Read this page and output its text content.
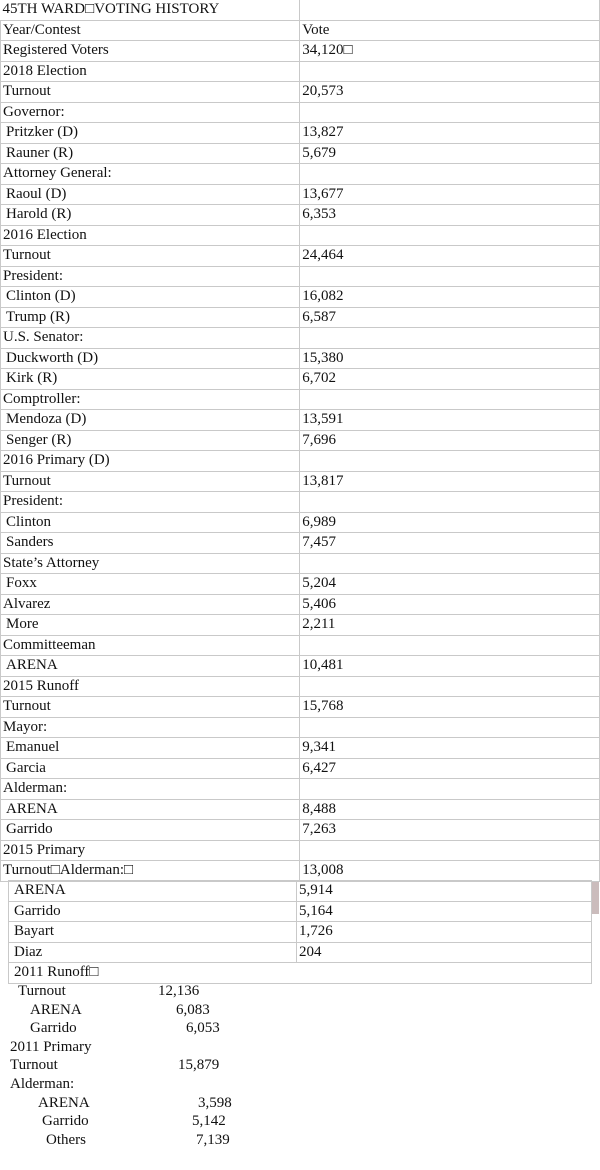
45TH WARD□VOTING HISTORY	
Year/Contest	Vote
Registered Voters	34,120□
2018 Election	
Turnout	20,573
Governor:	
Pritzker (D)	13,827
Rauner (R)	5,679
Attorney General:	
Raoul (D)	13,677
Harold (R)	6,353
2016 Election	
Turnout	24,464
President:	
Clinton (D)	16,082
Trump (R)	6,587
U.S. Senator:	
Duckworth (D)	15,380
Kirk (R)	6,702
Comptroller:	
Mendoza (D)	13,591
Senger (R)	7,696
2016 Primary (D)	
Turnout	13,817
President:	
Clinton	6,989
Sanders	7,457
State’s Attorney	
Foxx	5,204
Alvarez	5,406
More	2,211
Committeeman	
ARENA	10,481
2015 Runoff	
Turnout	15,768
Mayor:	
Emanuel	9,341
Garcia	6,427
Alderman:	
ARENA	8,488
Garrido	7,263
2015 Primary	
Turnout□Alderman:□	13,008
ARENA	5,914
Garrido	5,164
Bayart	1,726
Diaz	204
2011 Runoff□	
Turnout	12,136
ARENA	6,083
Garrido	6,053
2011 Primary
Turnout	15,879
Alderman:
ARENA	3,598
Garrido	5,142
Others	7,139
